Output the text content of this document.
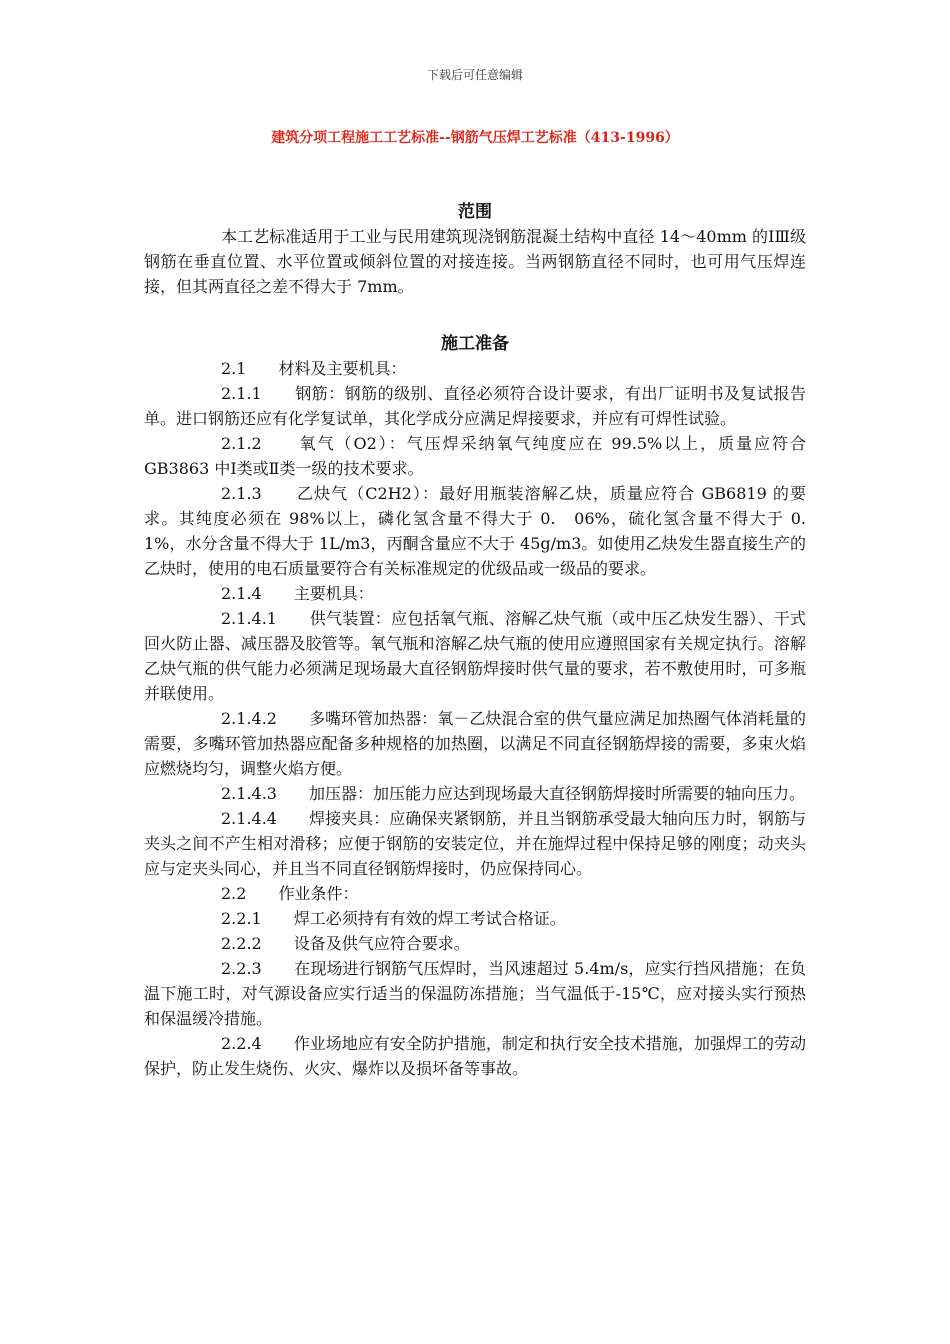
下载后可任意编辑
建筑分项工程施工工艺标准--钢筋气压焊工艺标准（413-1996）
范围

本工艺标准适用于工业与民用建筑现浇钢筋混凝土结构中直径 14～40mm 的ⅠⅢ级钢筋在垂直位置、水平位置或倾斜位置的对接连接。当两钢筋直径不同时，也可用气压焊连接，但其两直径之差不得大于 7mm。

施工准备

2.1　　材料及主要机具：

2.1.1　　钢筋：钢筋的级别、直径必须符合设计要求，有出厂证明书及复试报告单。进口钢筋还应有化学复试单，其化学成分应满足焊接要求，并应有可焊性试验。

2.1.2　　氧气（O2）：气压焊采纳氧气纯度应在 99.5%以上，质量应符合 GB3863 中Ⅰ类或Ⅱ类一级的技术要求。

2.1.3　　乙炔气（C2H2）：最好用瓶装溶解乙炔，质量应符合 GB6819 的要求。其纯度必须在 98%以上，磷化氢含量不得大于 0.　06%，硫化氢含量不得大于 0.　1%，水分含量不得大于 1L/m3，丙酮含量应不大于 45g/m3。如使用乙炔发生器直接生产的乙炔时，使用的电石质量要符合有关标准规定的优级品或一级品的要求。

2.1.4　　主要机具：

2.1.4.1　　供气装置：应包括氧气瓶、溶解乙炔气瓶（或中压乙炔发生器）、干式回火防止器、减压器及胶管等。氧气瓶和溶解乙炔气瓶的使用应遵照国家有关规定执行。溶解乙炔气瓶的供气能力必须满足现场最大直径钢筋焊接时供气量的要求，若不敷使用时，可多瓶并联使用。

2.1.4.2　　多嘴环管加热器：氧－乙炔混合室的供气量应满足加热圈气体消耗量的需要，多嘴环管加热器应配备多种规格的加热圈，以满足不同直径钢筋焊接的需要，多束火焰应燃烧均匀，调整火焰方便。

2.1.4.3　　加压器：加压能力应达到现场最大直径钢筋焊接时所需要的轴向压力。

2.1.4.4　　焊接夹具：应确保夹紧钢筋，并且当钢筋承受最大轴向压力时，钢筋与夹头之间不产生相对滑移；应便于钢筋的安装定位，并在施焊过程中保持足够的刚度；动夹头应与定夹头同心，并且当不同直径钢筋焊接时，仍应保持同心。

2.2　　作业条件：

2.2.1　　焊工必须持有有效的焊工考试合格证。

2.2.2　　设备及供气应符合要求。

2.2.3　　在现场进行钢筋气压焊时，当风速超过 5.4m/s，应实行挡风措施；在负温下施工时，对气源设备应实行适当的保温防冻措施；当气温低于-15℃，应对接头实行预热和保温缓冷措施。

2.2.4　　作业场地应有安全防护措施，制定和执行安全技术措施，加强焊工的劳动保护，防止发生烧伤、火灾、爆炸以及损坏备等事故。
